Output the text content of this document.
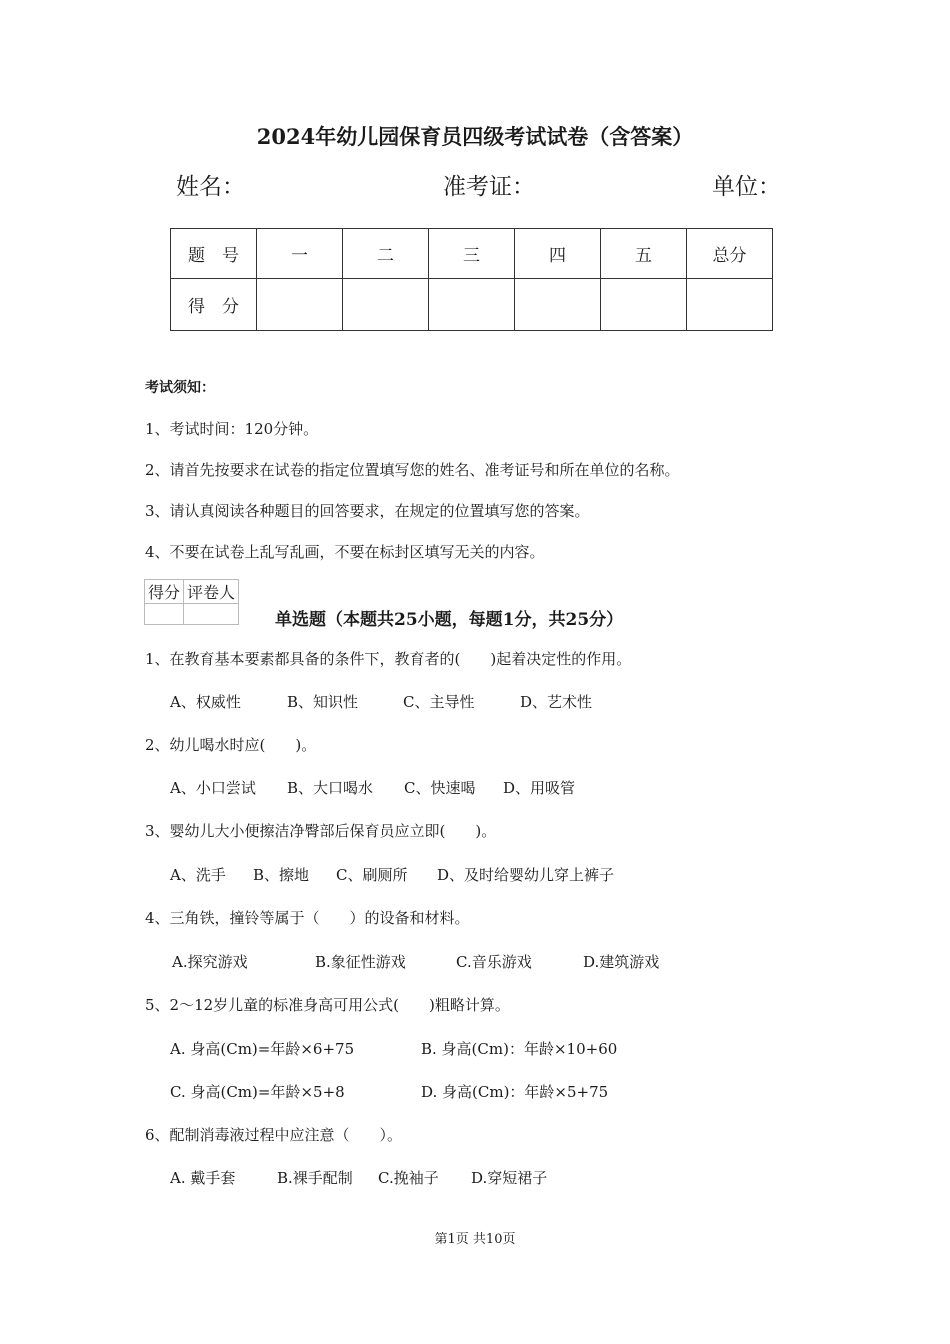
2024年幼儿园保育员四级考试试卷（含答案）
姓名：	准考证：	单位：
题　号	一	二	三	四	五	总分
得　分						
考试须知：
1、考试时间：120分钟。
2、请首先按要求在试卷的指定位置填写您的姓名、准考证号和所在单位的名称。
3、请认真阅读各种题目的回答要求，在规定的位置填写您的答案。
4、不要在试卷上乱写乱画，不要在标封区填写无关的内容。
得分	评卷人

单选题（本题共25小题，每题1分，共25分）
1、在教育基本要素都具备的条件下，教育者的(　　)起着决定性的作用。
A、权威性	B、知识性	C、主导性	D、艺术性
2、幼儿喝水时应(　　)。
A、小口尝试 B、大口喝水 C、快速喝 D、用吸管
3、婴幼儿大小便擦洁净臀部后保育员应立即(　　)。
A、洗手 B、擦地 C、刷厕所 D、及时给婴幼儿穿上裤子
4、三角铁，撞铃等属于（　　）的设备和材料。
A.探究游戏	B.象征性游戏	C.音乐游戏	D.建筑游戏
5、2～12岁儿童的标准身高可用公式(　　)粗略计算。
A. 身高(Cm)=年龄×6+75	B. 身高(Cm)：年龄×10+60
C. 身高(Cm)=年龄×5+8	D. 身高(Cm)：年龄×5+75
6、配制消毒液过程中应注意（　　）。
A. 戴手套	B.裸手配制 C.挽袖子 D.穿短裙子
第1页 共10页
